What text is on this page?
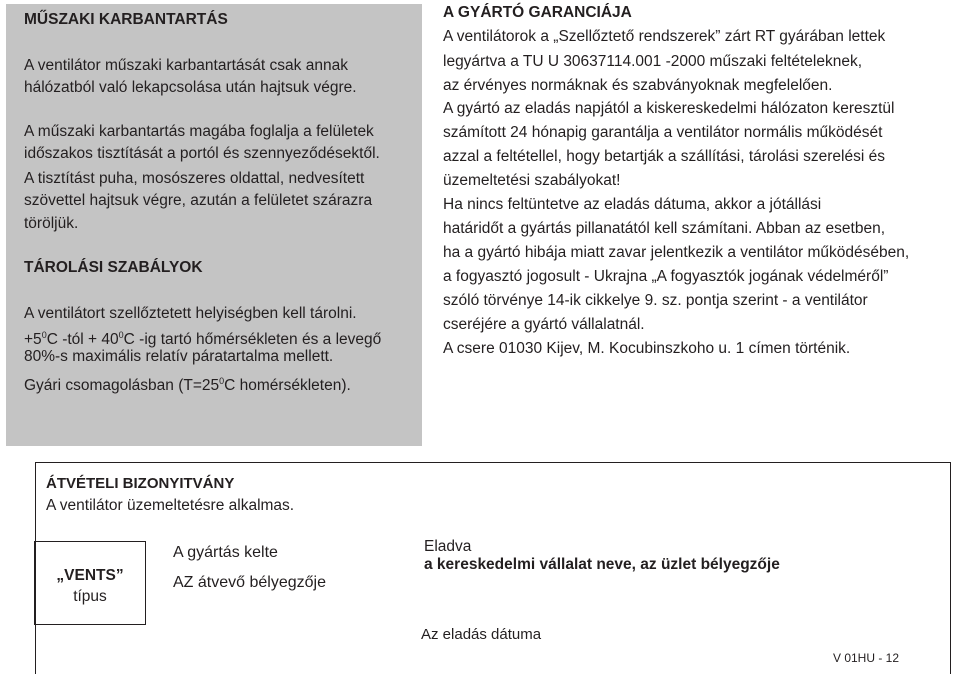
MŰSZAKI KARBANTARTÁS
A ventilátor műszaki karbantartását csak annak
hálózatból való lekapcsolása után hajtsuk végre.
A műszaki karbantartás magába foglalja a felületek
időszakos tisztítását a portól és szennyeződésektől.
A tisztítást puha, mosószeres oldattal, nedvesített
szövettel hajtsuk végre, azután a felületet szárazra
töröljük.
TÁROLÁSI SZABÁLYOK
A ventilátort szellőztetett helyiségben kell tárolni.
$+5^0C$ -tól + $40^0C$ -ig tartó hőmérsékleten és a levegő
80%-s maximális relatív páratartalma mellett.
Gyári csomagolásban ($T=25^0C$ homérsékleten).
A GYÁRTÓ GARANCIÁJA
A ventilátorok a „Szellőztető rendszerek” zárt RT gyárában lettek
legyártva a TU U 30637114.001 -2000 műszaki feltételeknek,
az érvényes normáknak és szabványoknak megfelelően.
A gyártó az eladás napjától a kiskereskedelmi hálózaton keresztül
számított 24 hónapig garantálja a ventilátor normális működését
azzal a feltétellel, hogy betartják a szállítási, tárolási szerelési és
üzemeltetési szabályokat!
Ha nincs feltüntetve az eladás dátuma, akkor a jótállási
határidőt a gyártás pillanatától kell számítani. Abban az esetben,
ha a gyártó hibája miatt zavar jelentkezik a ventilátor működésében,
a fogyasztó jogosult - Ukrajna „A fogyasztók jogának védelméről”
szóló törvénye 14-ik cikkelye 9. sz. pontja szerint - a ventilátor
cseréjére a gyártó vállalatnál.
A csere 01030 Kijev, M. Kocubinszkoho u. 1 címen történik.
ÁTVÉTELI BIZONYITVÁNY
A ventilátor üzemeltetésre alkalmas.
„VENTS”
típus
A gyártás kelte
AZ átvevő bélyegzője
Eladva
a kereskedelmi vállalat neve, az üzlet bélyegzője
Az eladás dátuma
V 01HU - 12
